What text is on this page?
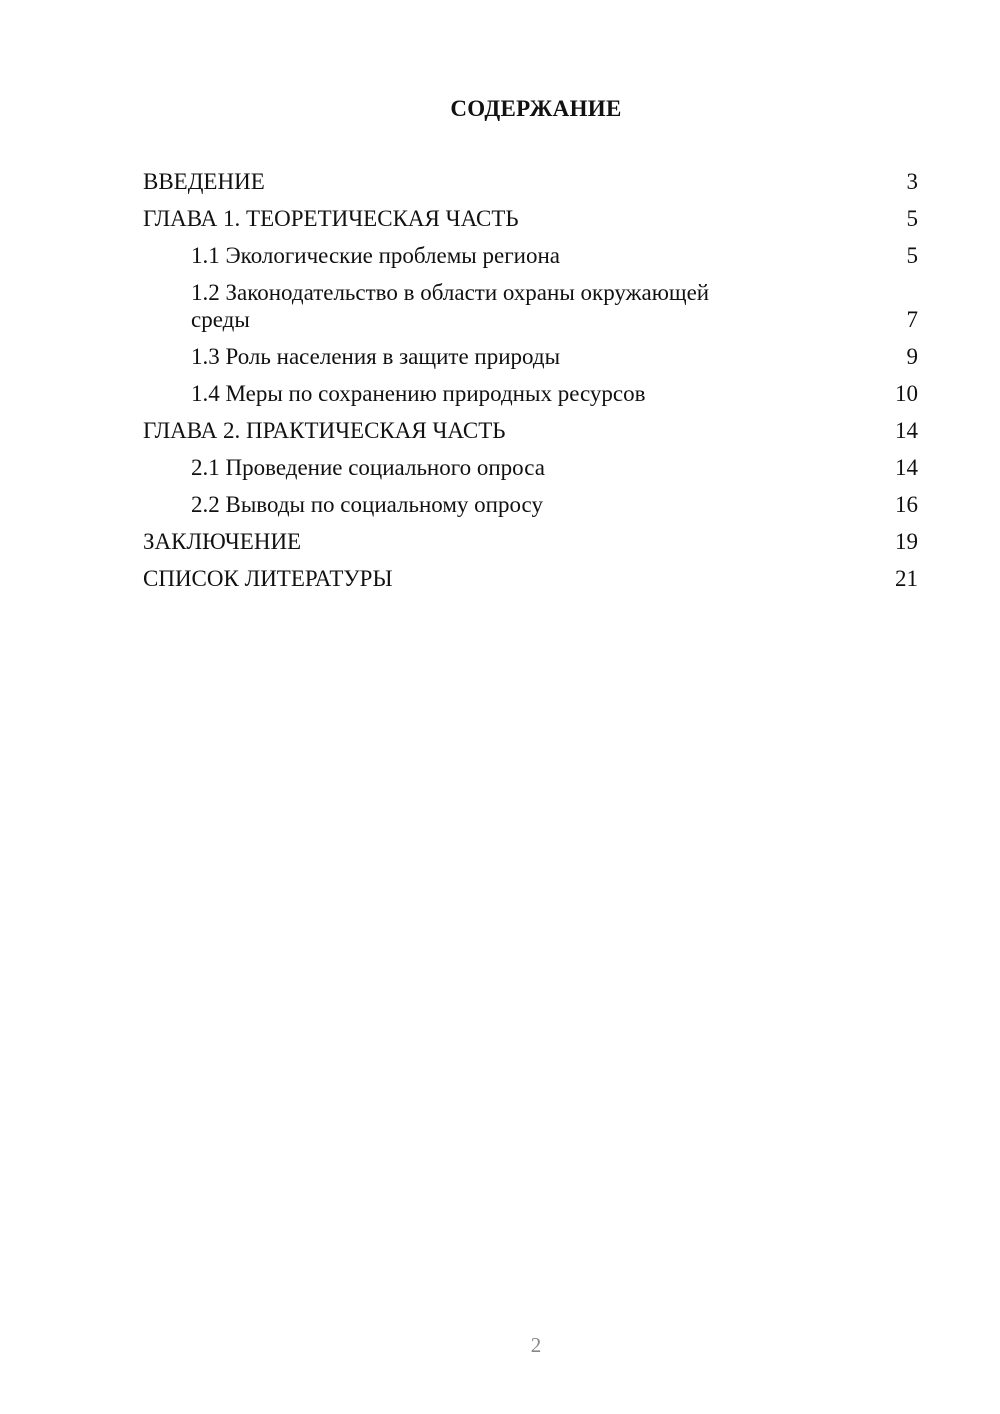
СОДЕРЖАНИЕ
ВВЕДЕНИЕ	3
ГЛАВА 1. ТЕОРЕТИЧЕСКАЯ ЧАСТЬ	5
1.1 Экологические проблемы региона	5
1.2 Законодательство в области охраны окружающей среды	7
1.3 Роль населения в защите природы	9
1.4 Меры по сохранению природных ресурсов	10
ГЛАВА 2. ПРАКТИЧЕСКАЯ ЧАСТЬ	14
2.1 Проведение социального опроса	14
2.2 Выводы по социальному опросу	16
ЗАКЛЮЧЕНИЕ	19
СПИСОК ЛИТЕРАТУРЫ	21
2
